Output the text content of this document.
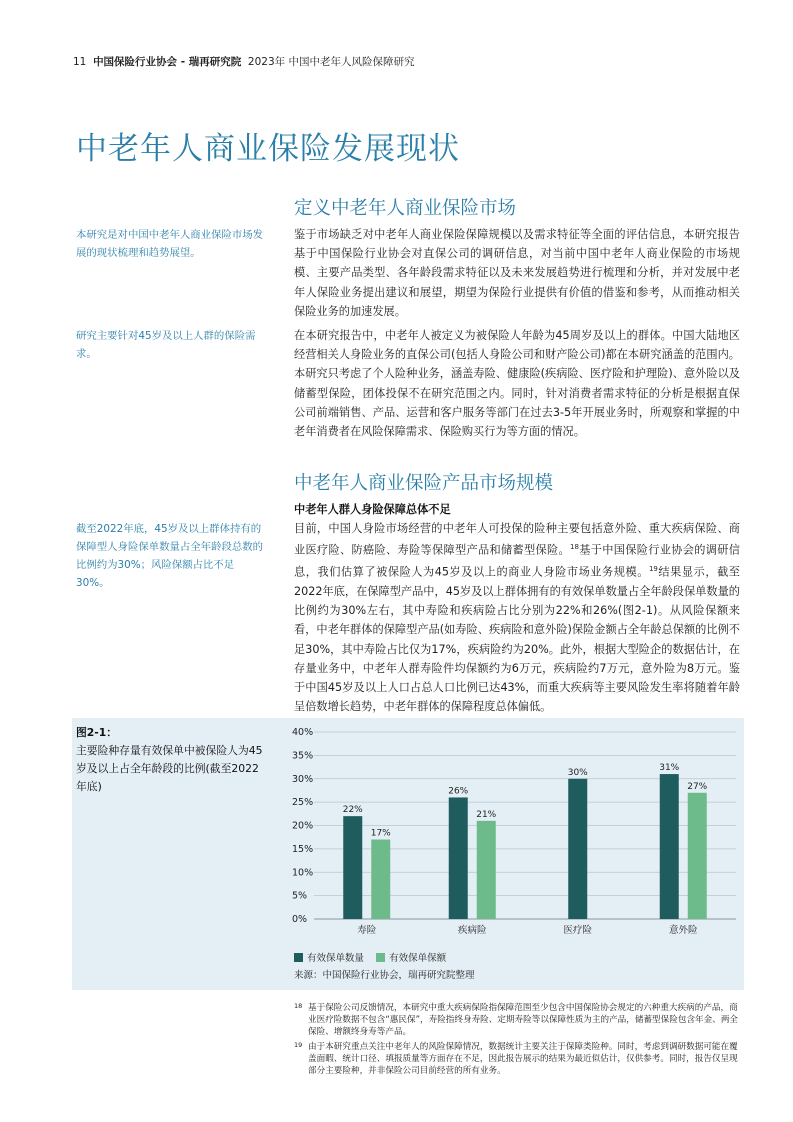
11 中国保险行业协会 - 瑞再研究院 2023年 中国中老年人风险保障研究
中老年人商业保险发展现状
定义中老年人商业保险市场
本研究是对中国中老年人商业保险市场发展的现状梳理和趋势展望。
鉴于市场缺乏对中老年人商业保险保障规模以及需求特征等全面的评估信息，本研究报告基于中国保险行业协会对直保公司的调研信息，对当前中国中老年人商业保险的市场规模、主要产品类型、各年龄段需求特征以及未来发展趋势进行梳理和分析，并对发展中老年人保险业务提出建议和展望，期望为保险行业提供有价值的借鉴和参考，从而推动相关保险业务的加速发展。
研究主要针对45岁及以上人群的保险需求。
在本研究报告中，中老年人被定义为被保险人年龄为45周岁及以上的群体。中国大陆地区经营相关人身险业务的直保公司(包括人身险公司和财产险公司)都在本研究涵盖的范围内。本研究只考虑了个人险种业务，涵盖寿险、健康险(疾病险、医疗险和护理险)、意外险以及储蓄型保险，团体投保不在研究范围之内。同时，针对消费者需求特征的分析是根据直保公司前端销售、产品、运营和客户服务等部门在过去3-5年开展业务时，所观察和掌握的中老年消费者在风险保障需求、保险购买行为等方面的情况。
中老年人商业保险产品市场规模
中老年人群人身险保障总体不足
截至2022年底，45岁及以上群体持有的保障型人身险保单数量占全年龄段总数的比例约为30%；风险保额占比不足30%。
目前，中国人身险市场经营的中老年人可投保的险种主要包括意外险、重大疾病保险、商业医疗险、防癌险、寿险等保障型产品和储蓄型保险。$^{18}$基于中国保险行业协会的调研信息，我们估算了被保险人为45岁及以上的商业人身险市场业务规模。$^{19}$结果显示，截至2022年底，在保障型产品中，45岁及以上群体拥有的有效保单数量占全年龄段保单数量的比例约为30%左右，其中寿险和疾病险占比分别为22%和26%(图2-1)。从风险保额来看，中老年群体的保障型产品(如寿险、疾病险和意外险)保险金额占全年龄总保额的比例不足30%，其中寿险占比仅为17%，疾病险约为20%。此外，根据大型险企的数据估计，在存量业务中，中老年人群寿险件均保额约为6万元，疾病险约7万元，意外险为8万元。鉴于中国45岁及以上人口占总人口比例已达43%，而重大疾病等主要风险发生率将随着年龄呈倍数增长趋势，中老年群体的保障程度总体偏低。
图2-1：
主要险种存量有效保单中被保险人为45岁及以上占全年龄段的比例(截至2022年底)
0%
5%
10%
15%
20%
25%
30%
35%
40%
22%
17%
寿险
26%
21%
疾病险
30%
医疗险
31%
27%
意外险
有效保单数量	有效保单保额
来源：中国保险行业协会，瑞再研究院整理
18 基于保险公司反馈情况，本研究中重大疾病保险指保障范围至少包含中国保险协会规定的六种重大疾病的产品，商业医疗险数据不包含“惠民保”，寿险指终身寿险、定期寿险等以保障性质为主的产品，储蓄型保险包含年金、两全保险、增额终身寿等产品。
19 由于本研究重点关注中老年人的风险保障情况，数据统计主要关注于保障类险种。同时，考虑到调研数据可能在覆盖面暇、统计口径、填报质量等方面存在不足，因此报告展示的结果为最近似估计，仅供参考。同时，报告仅呈现部分主要险种，并非保险公司目前经营的所有业务。
